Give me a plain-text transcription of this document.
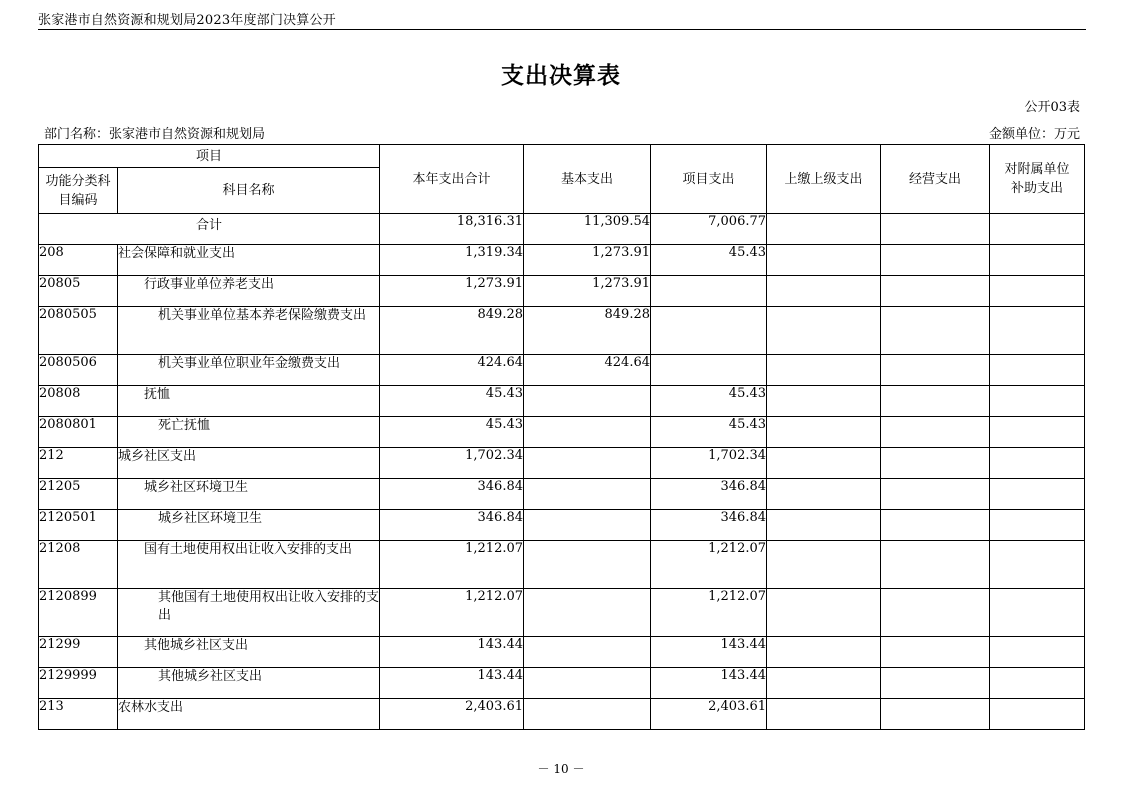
张家港市自然资源和规划局2023年度部门决算公开
支出决算表
公开03表
部门名称：张家港市自然资源和规划局	金额单位：万元
项目		本年支出合计	基本支出	项目支出	上缴上级支出	经营支出	对附属单位补助支出
功能分类科目编码	科目名称						
合计		18,316.31	11,309.54	7,006.77			
208	社会保障和就业支出	1,319.34	1,273.91	45.43			
20805	行政事业单位养老支出	1,273.91	1,273.91				
2080505	机关事业单位基本养老保险缴费支出	849.28	849.28				
2080506	机关事业单位职业年金缴费支出	424.64	424.64				
20808	抚恤	45.43		45.43			
2080801	死亡抚恤	45.43		45.43			
212	城乡社区支出	1,702.34		1,702.34			
21205	城乡社区环境卫生	346.84		346.84			
2120501	城乡社区环境卫生	346.84		346.84			
21208	国有土地使用权出让收入安排的支出	1,212.07		1,212.07			
2120899	其他国有土地使用权出让收入安排的支出	1,212.07		1,212.07			
21299	其他城乡社区支出	143.44		143.44			
2129999	其他城乡社区支出	143.44		143.44			
213	农林水支出	2,403.61		2,403.61			
－ 10 －
